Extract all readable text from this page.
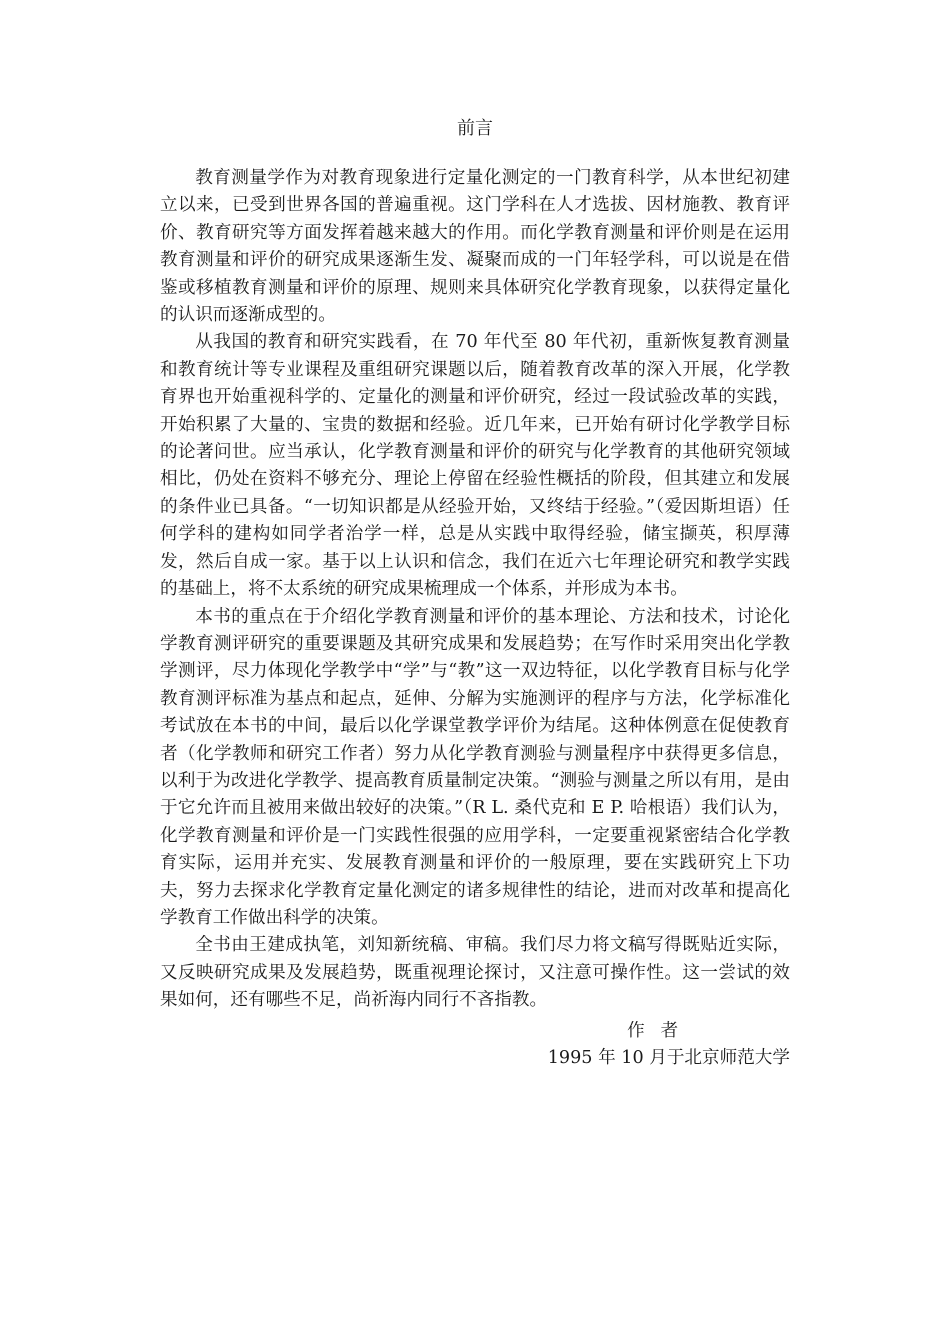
前言

教育测量学作为对教育现象进行定量化测定的一门教育科学，从本世纪初建立以来，已受到世界各国的普遍重视。这门学科在人才选拔、因材施教、教育评价、教育研究等方面发挥着越来越大的作用。而化学教育测量和评价则是在运用教育测量和评价的研究成果逐渐生发、凝聚而成的一门年轻学科，可以说是在借鉴或移植教育测量和评价的原理、规则来具体研究化学教育现象，以获得定量化的认识而逐渐成型的。

从我国的教育和研究实践看，在 70 年代至 80 年代初，重新恢复教育测量和教育统计等专业课程及重组研究课题以后，随着教育改革的深入开展，化学教育界也开始重视科学的、定量化的测量和评价研究，经过一段试验改革的实践，开始积累了大量的、宝贵的数据和经验。近几年来，已开始有研讨化学教学目标的论著问世。应当承认，化学教育测量和评价的研究与化学教育的其他研究领域相比，仍处在资料不够充分、理论上停留在经验性概括的阶段，但其建立和发展的条件业已具备。“一切知识都是从经验开始，又终结于经验。”（爱因斯坦语）任何学科的建构如同学者治学一样，总是从实践中取得经验，储宝撷英，积厚薄发，然后自成一家。基于以上认识和信念，我们在近六七年理论研究和教学实践的基础上，将不太系统的研究成果梳理成一个体系，并形成为本书。

本书的重点在于介绍化学教育测量和评价的基本理论、方法和技术，讨论化学教育测评研究的重要课题及其研究成果和发展趋势；在写作时采用突出化学教学测评，尽力体现化学教学中“学”与“教”这一双边特征，以化学教育目标与化学教育测评标准为基点和起点，延伸、分解为实施测评的程序与方法，化学标准化考试放在本书的中间，最后以化学课堂教学评价为结尾。这种体例意在促使教育者（化学教师和研究工作者）努力从化学教育测验与测量程序中获得更多信息，以利于为改进化学教学、提高教育质量制定决策。“测验与测量之所以有用，是由于它允许而且被用来做出较好的决策。”（R L. 桑代克和 E P. 哈根语）我们认为，化学教育测量和评价是一门实践性很强的应用学科，一定要重视紧密结合化学教育实际，运用并充实、发展教育测量和评价的一般原理，要在实践研究上下功夫，努力去探求化学教育定量化测定的诸多规律性的结论，进而对改革和提高化学教育工作做出科学的决策。

全书由王建成执笔，刘知新统稿、审稿。我们尽力将文稿写得既贴近实际，又反映研究成果及发展趋势，既重视理论探讨，又注意可操作性。这一尝试的效果如何，还有哪些不足，尚祈海内同行不吝指教。

作者
1995 年 10 月于北京师范大学
